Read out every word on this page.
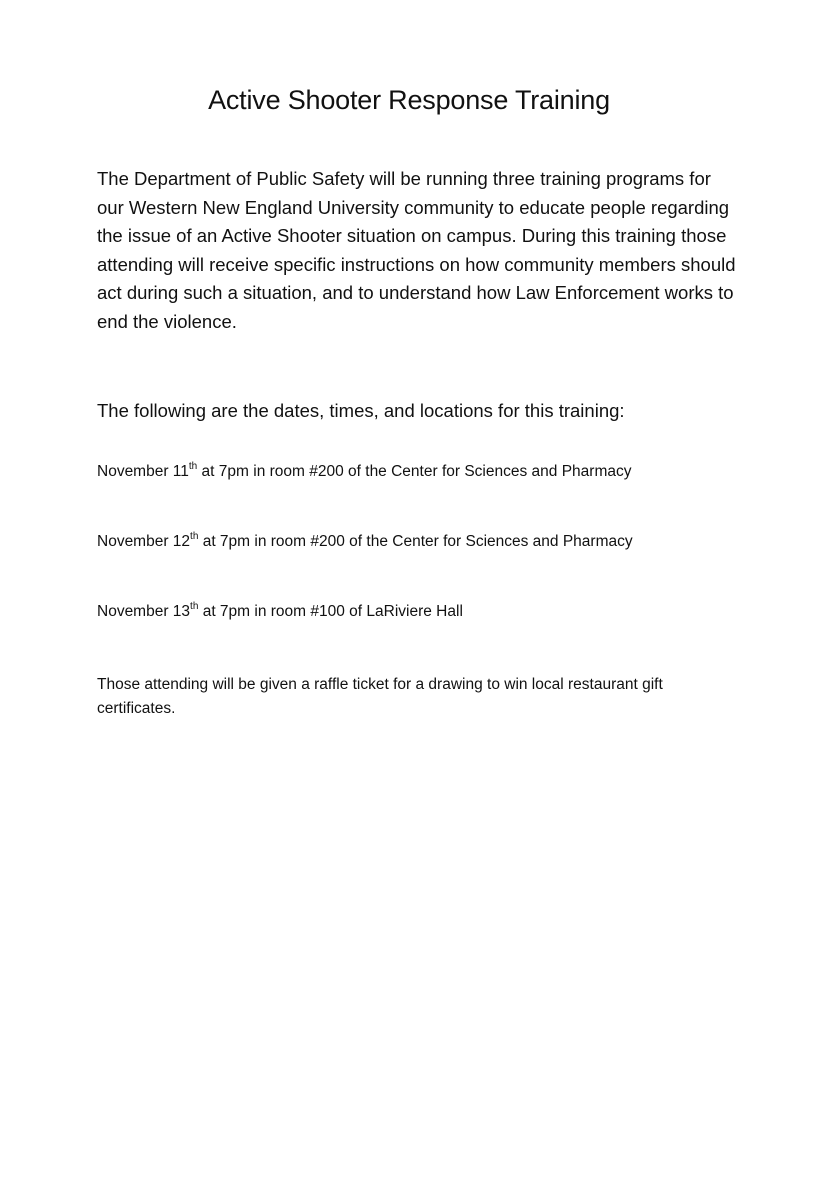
Active Shooter Response Training

The Department of Public Safety will be running three training programs for our Western New England University community to educate people regarding the issue of an Active Shooter situation on campus. During this training those attending will receive specific instructions on how community members should act during such a situation, and to understand how Law Enforcement works to end the violence.

The following are the dates, times, and locations for this training:

November 11th at 7pm in room #200 of the Center for Sciences and Pharmacy

November 12th at 7pm in room #200 of the Center for Sciences and Pharmacy

November 13th at 7pm in room #100 of LaRiviere Hall

Those attending will be given a raffle ticket for a drawing to win local restaurant gift certificates.
